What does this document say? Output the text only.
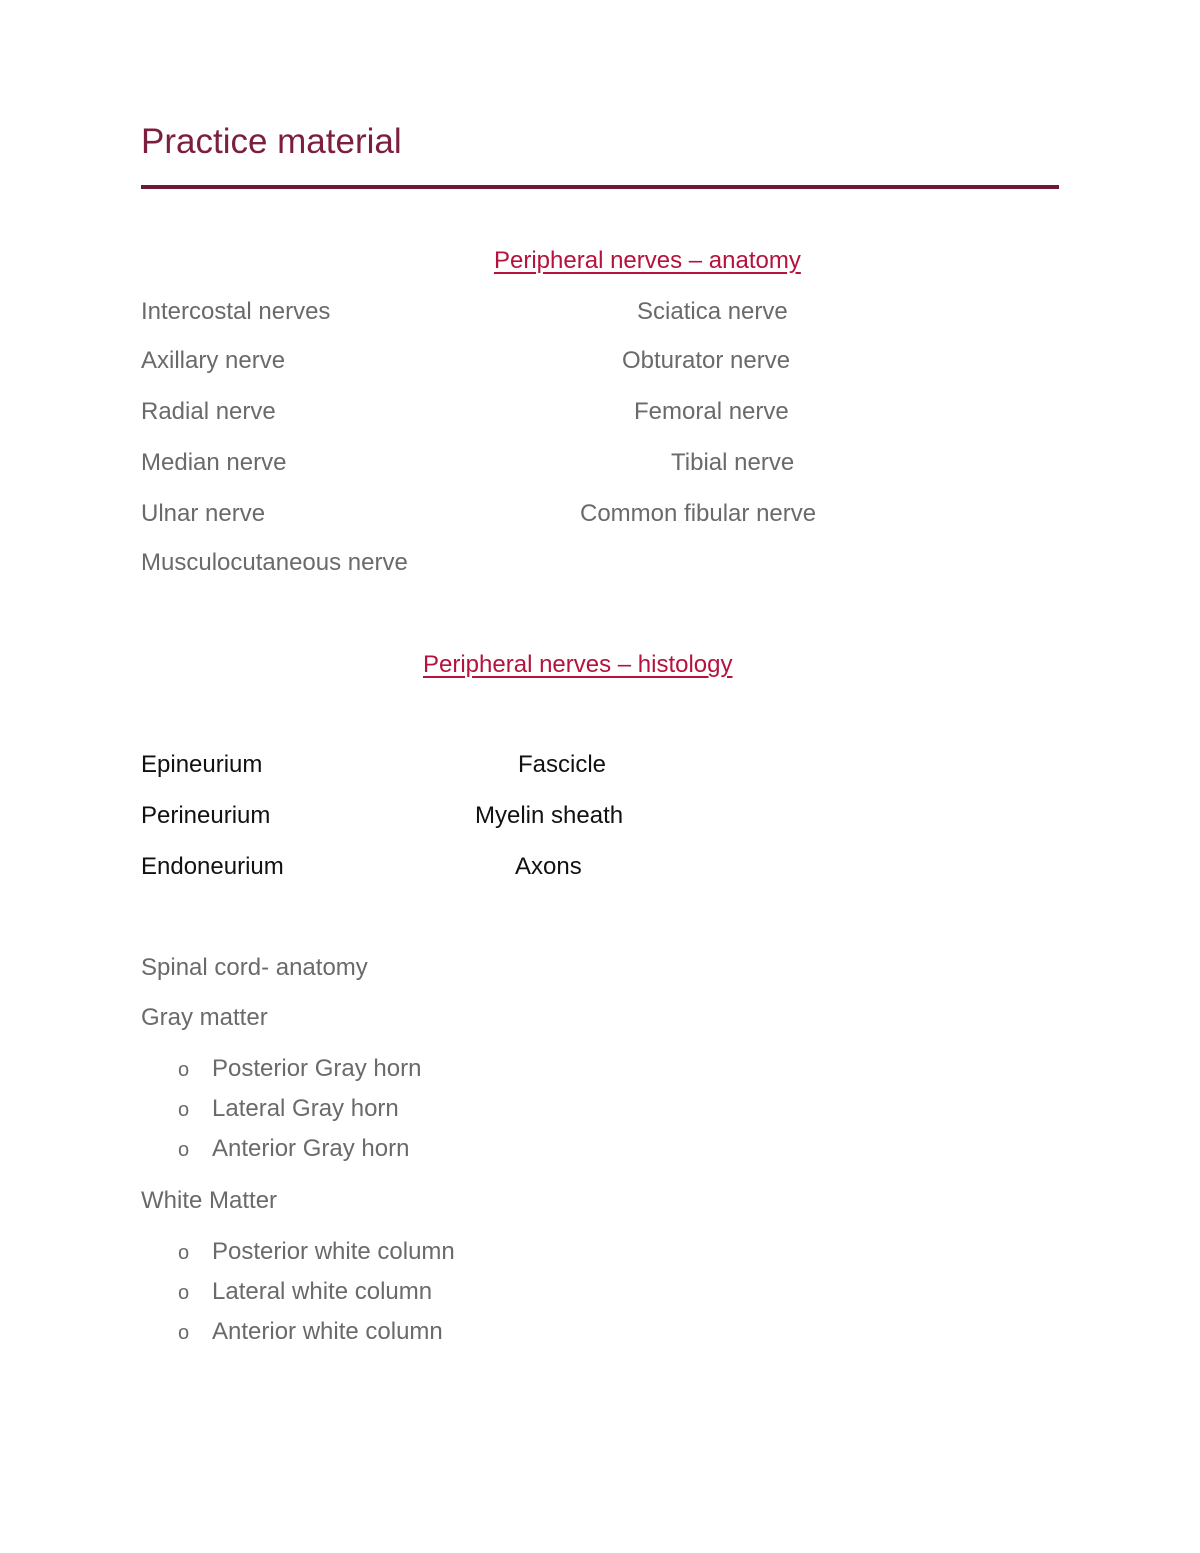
Practice material
Peripheral nerves – anatomy
Intercostal nerves
Axillary nerve
Radial nerve
Median nerve
Ulnar nerve
Musculocutaneous nerve
Sciatica nerve
Obturator nerve
Femoral nerve
Tibial nerve
Common fibular nerve
Peripheral nerves – histology
Epineurium
Perineurium
Endoneurium
Fascicle
Myelin sheath
Axons
Spinal cord- anatomy
Gray matter
o Posterior Gray horn
o Lateral Gray horn
o Anterior Gray horn
White Matter
o Posterior white column
o Lateral white column
o Anterior white column
